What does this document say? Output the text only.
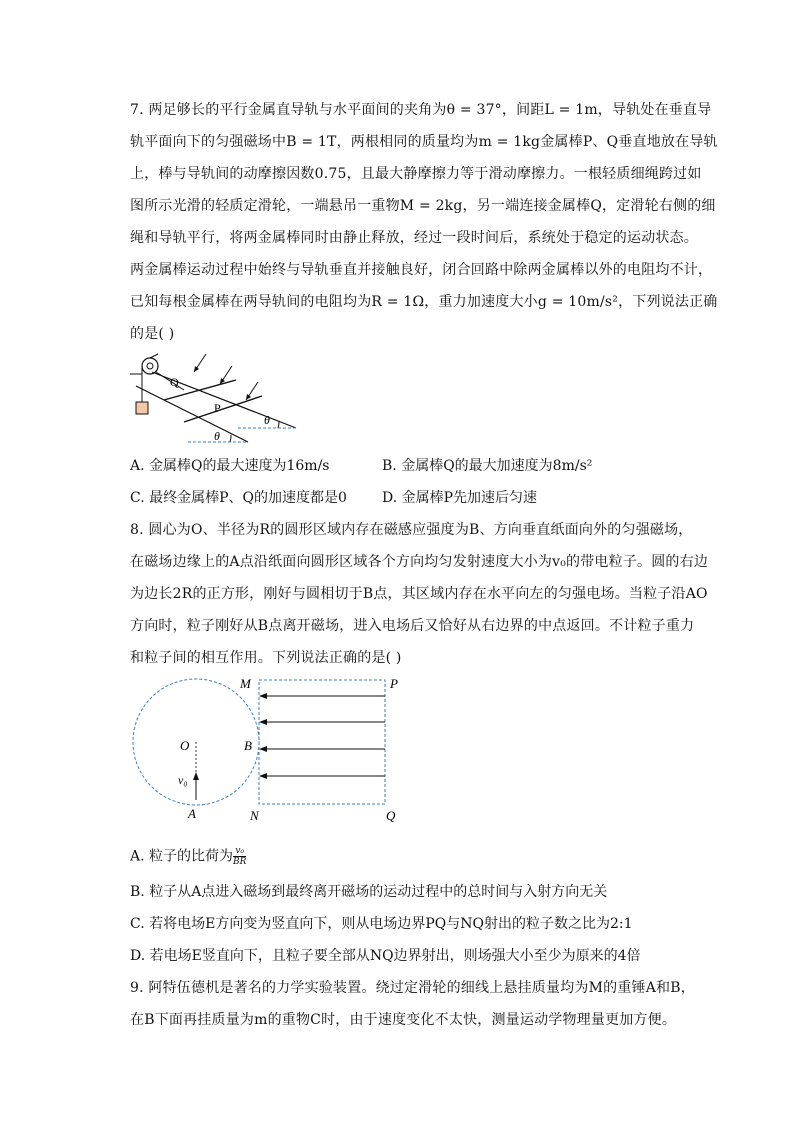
7. 两足够长的平行金属直导轨与水平面间的夹角为θ = 37°，间距L = 1m，导轨处在垂直导
轨平面向下的匀强磁场中B = 1T，两根相同的质量均为m = 1kg金属棒P、Q垂直地放在导轨
上，棒与导轨间的动摩擦因数0.75，且最大静摩擦力等于滑动摩擦力。一根轻质细绳跨过如
图所示光滑的轻质定滑轮，一端悬吊一重物M = 2kg，另一端连接金属棒Q，定滑轮右侧的细
绳和导轨平行，将两金属棒同时由静止释放，经过一段时间后，系统处于稳定的运动状态。
两金属棒运动过程中始终与导轨垂直并接触良好，闭合回路中除两金属棒以外的电阻均不计，
已知每根金属棒在两导轨间的电阻均为R = 1Ω，重力加速度大小g = 10m/s²，下列说法正确
的是( )
Q
P
θ
θ
A. 金属棒Q的最大速度为16m/s	B. 金属棒Q的最大加速度为8m/s²
C. 最终金属棒P、Q的加速度都是0	D. 金属棒P先加速后匀速
8. 圆心为O、半径为R的圆形区域内存在磁感应强度为B、方向垂直纸面向外的匀强磁场，
在磁场边缘上的A点沿纸面向圆形区域各个方向均匀发射速度大小为v₀的带电粒子。圆的右边
为边长2R的正方形，刚好与圆相切于B点，其区域内存在水平向左的匀强电场。当粒子沿AO
方向时，粒子刚好从B点离开磁场，进入电场后又恰好从右边界的中点返回。不计粒子重力
和粒子间的相互作用。下列说法正确的是( )
M	P
O	B
v₀
A	N	Q
A. 粒子的比荷为 $\frac{\text{v₀}}{BR}$
B. 粒子从A点进入磁场到最终离开磁场的运动过程中的总时间与入射方向无关
C. 若将电场E方向变为竖直向下，则从电场边界PQ与NQ射出的粒子数之比为2:1
D. 若电场E竖直向下，且粒子要全部从NQ边界射出，则场强大小至少为原来的4倍
9. 阿特伍德机是著名的力学实验装置。绕过定滑轮的细线上悬挂质量均为M的重锤A和B，
在B下面再挂质量为m的重物C时，由于速度变化不太快，测量运动学物理量更加方便。
